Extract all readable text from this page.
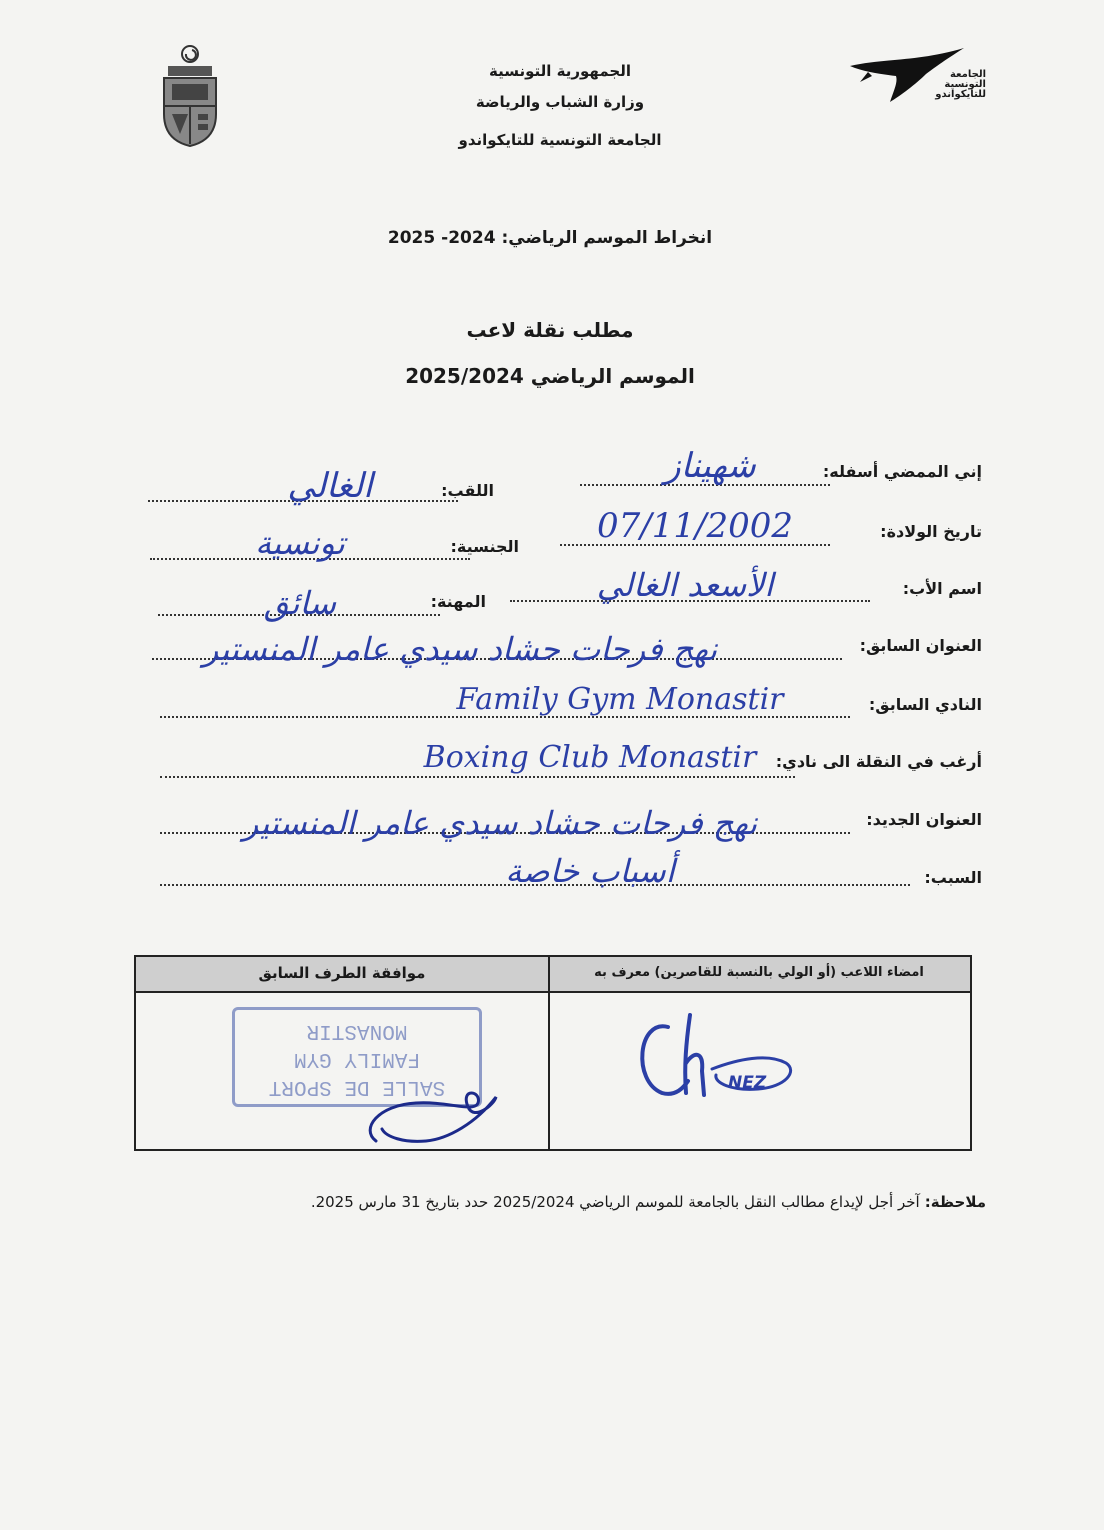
الجامعة
التونسية
للتايكواندو
الجمهورية التونسية
وزارة الشباب والرياضة
الجامعة التونسية للتايكواندو
انخراط الموسم الرياضي: 2024- 2025
مطلب نقلة لاعب
الموسم الرياضي 2025/2024
إني الممضي أسفله:
شهيناز
اللقب:
الغالي
تاريخ الولادة:
07/11/2002
الجنسية:
تونسية
اسم الأب:
الأسعد الغالي
المهنة:
سائق
العنوان السابق:
نهج فرحات حشاد سيدي عامر المنستير
النادي السابق:
Family Gym Monastir
أرغب في النقلة الى نادي:
Boxing Club Monastir
العنوان الجديد:
نهج فرحات حشاد سيدي عامر المنستير
السبب:
أسباب خاصة
امضاء اللاعب (أو الولي بالنسبة للقاصرين) معرف به
موافقة الطرف السابق
SALLE DE SPORT
FAMILY GYM
MONASTIR
NEZ
ملاحظة: آخر أجل لإيداع مطالب النقل بالجامعة للموسم الرياضي 2025/2024 حدد بتاريخ 31 مارس 2025.
